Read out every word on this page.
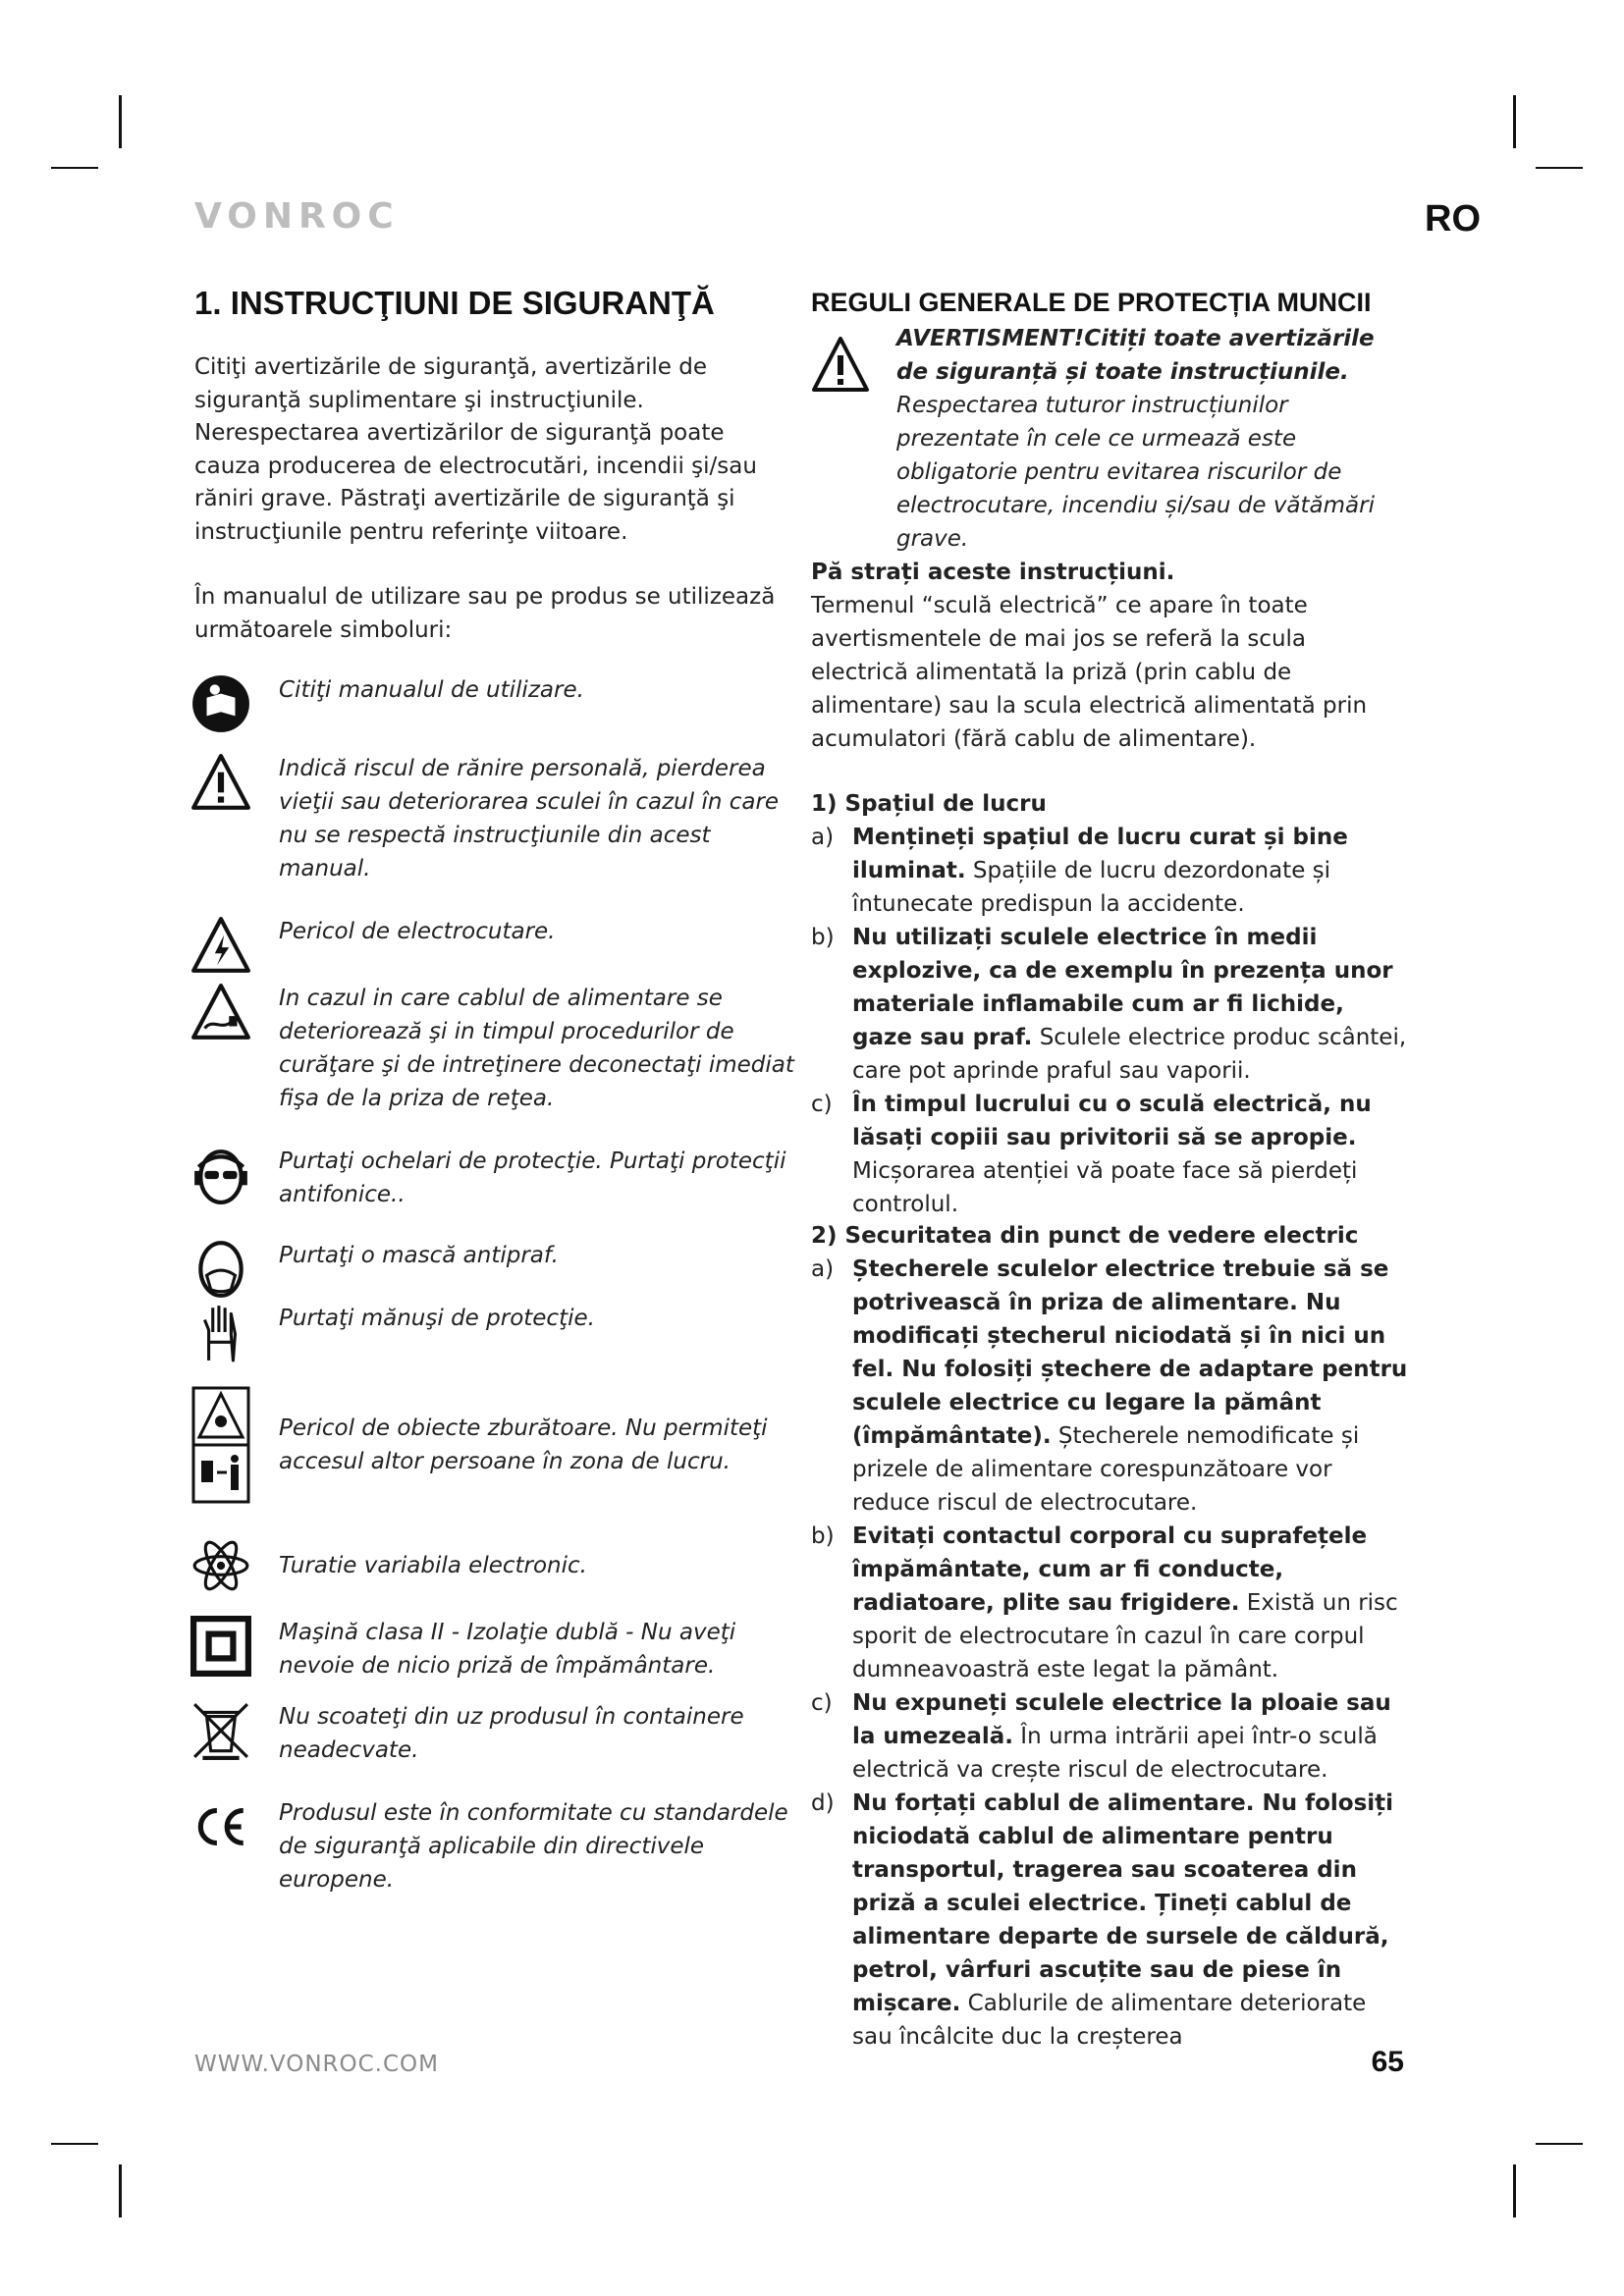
VONROC	RO
1. INSTRUCŢIUNI DE SIGURANŢĂ

Citiţi avertizările de siguranţă, avertizările de siguranţă suplimentare şi instrucţiunile. Nerespectarea avertizărilor de siguranţă poate cauza producerea de electrocutări, incendii şi/sau răniri grave. Păstraţi avertizările de siguranţă şi instrucţiunile pentru referinţe viitoare.

În manualul de utilizare sau pe produs se utilizează următoarele simboluri:

Citiţi manualul de utilizare.
Indică riscul de rănire personală, pierderea vieţii sau deteriorarea sculei în cazul în care nu se respectă instrucţiunile din acest manual.
Pericol de electrocutare.
In cazul in care cablul de alimentare se deteriorează şi in timpul procedurilor de curăţare şi de intreţinere deconectaţi imediat fişa de la priza de reţea.
Purtaţi ochelari de protecţie. Purtaţi protecţii antifonice..
Purtaţi o mască antipraf.
Purtaţi mănuşi de protecţie.
Pericol de obiecte zburătoare. Nu permiteţi accesul altor persoane în zona de lucru.
Turatie variabila electronic.
Maşină clasa II - Izolaţie dublă - Nu aveţi nevoie de nicio priză de împământare.
Nu scoateţi din uz produsul în containere neadecvate.
Produsul este în conformitate cu standardele de siguranţă aplicabile din directivele europene.
REGULI GENERALE DE PROTECȚIA MUNCII
AVERTISMENT!Citiți toate avertizările de siguranță și toate instrucțiunile. Respectarea tuturor instrucțiunilor prezentate în cele ce urmează este obligatorie pentru evitarea riscurilor de electrocutare, incendiu și/sau de vătămări grave.
Pă strați aceste instrucțiuni.
Termenul “sculă electrică” ce apare în toate avertismentele de mai jos se referă la scula electrică alimentată la priză (prin cablu de alimentare) sau la scula electrică alimentată prin acumulatori (fără cablu de alimentare).
1) Spațiul de lucru
a) Mențineți spațiul de lucru curat și bine iluminat. Spațiile de lucru dezordonate și întunecate predispun la accidente.
b) Nu utilizați sculele electrice în medii explozive, ca de exemplu în prezența unor materiale inflamabile cum ar fi lichide, gaze sau praf. Sculele electrice produc scântei, care pot aprinde praful sau vaporii.
c) În timpul lucrului cu o sculă electrică, nu lăsați copiii sau privitorii să se apropie. Micșorarea atenției vă poate face să pierdeți controlul.
2) Securitatea din punct de vedere electric
a) Ștecherele sculelor electrice trebuie să se potrivească în priza de alimentare. Nu modificați ștecherul niciodată și în nici un fel. Nu folosiți ștechere de adaptare pentru sculele electrice cu legare la pământ (împământate). Ștecherele nemodificate și prizele de alimentare corespunzătoare vor reduce riscul de electrocutare.
b) Evitați contactul corporal cu suprafețele împământate, cum ar fi conducte, radiatoare, plite sau frigidere. Există un risc sporit de electrocutare în cazul în care corpul dumneavoastră este legat la pământ.
c) Nu expuneți sculele electrice la ploaie sau la umezeală. În urma intrării apei într-o sculă electrică va crește riscul de electrocutare.
d) Nu forțați cablul de alimentare. Nu folosiți niciodată cablul de alimentare pentru transportul, tragerea sau scoaterea din priză a sculei electrice. Țineți cablul de alimentare departe de sursele de căldură, petrol, vârfuri ascuțite sau de piese în mișcare. Cablurile de alimentare deteriorate sau încâlcite duc la creșterea
WWW.VONROC.COM	65
